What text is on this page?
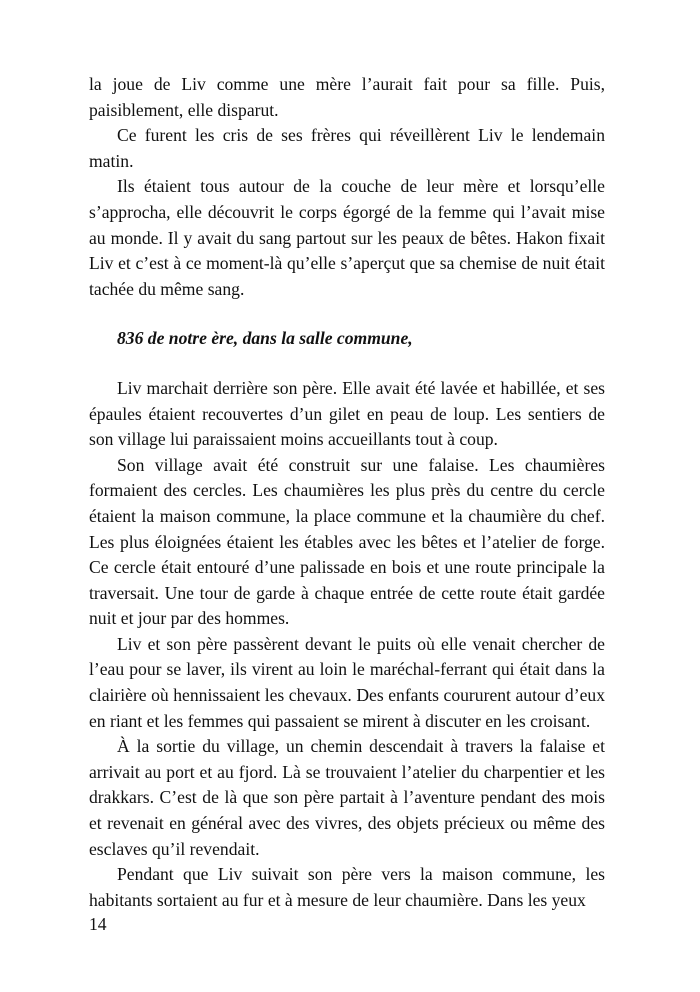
la joue de Liv comme une mère l’aurait fait pour sa fille. Puis, paisiblement, elle disparut.

Ce furent les cris de ses frères qui réveillèrent Liv le lendemain matin.

Ils étaient tous autour de la couche de leur mère et lorsqu’elle s’approcha, elle découvrit le corps égorgé de la femme qui l’avait mise au monde. Il y avait du sang partout sur les peaux de bêtes. Hakon fixait Liv et c’est à ce moment-là qu’elle s’aperçut que sa chemise de nuit était tachée du même sang.

836 de notre ère, dans la salle commune,

Liv marchait derrière son père. Elle avait été lavée et habillée, et ses épaules étaient recouvertes d’un gilet en peau de loup. Les sentiers de son village lui paraissaient moins accueillants tout à coup.

Son village avait été construit sur une falaise. Les chaumières formaient des cercles. Les chaumières les plus près du centre du cercle étaient la maison commune, la place commune et la chaumière du chef. Les plus éloignées étaient les étables avec les bêtes et l’atelier de forge. Ce cercle était entouré d’une palissade en bois et une route principale la traversait. Une tour de garde à chaque entrée de cette route était gardée nuit et jour par des hommes.

Liv et son père passèrent devant le puits où elle venait chercher de l’eau pour se laver, ils virent au loin le maréchal-ferrant qui était dans la clairière où hennissaient les chevaux. Des enfants coururent autour d’eux en riant et les femmes qui passaient se mirent à discuter en les croisant.

À la sortie du village, un chemin descendait à travers la falaise et arrivait au port et au fjord. Là se trouvaient l’atelier du charpentier et les drakkars. C’est de là que son père partait à l’aventure pendant des mois et revenait en général avec des vivres, des objets précieux ou même des esclaves qu’il revendait.

Pendant que Liv suivait son père vers la maison commune, les habitants sortaient au fur et à mesure de leur chaumière. Dans les yeux

14
